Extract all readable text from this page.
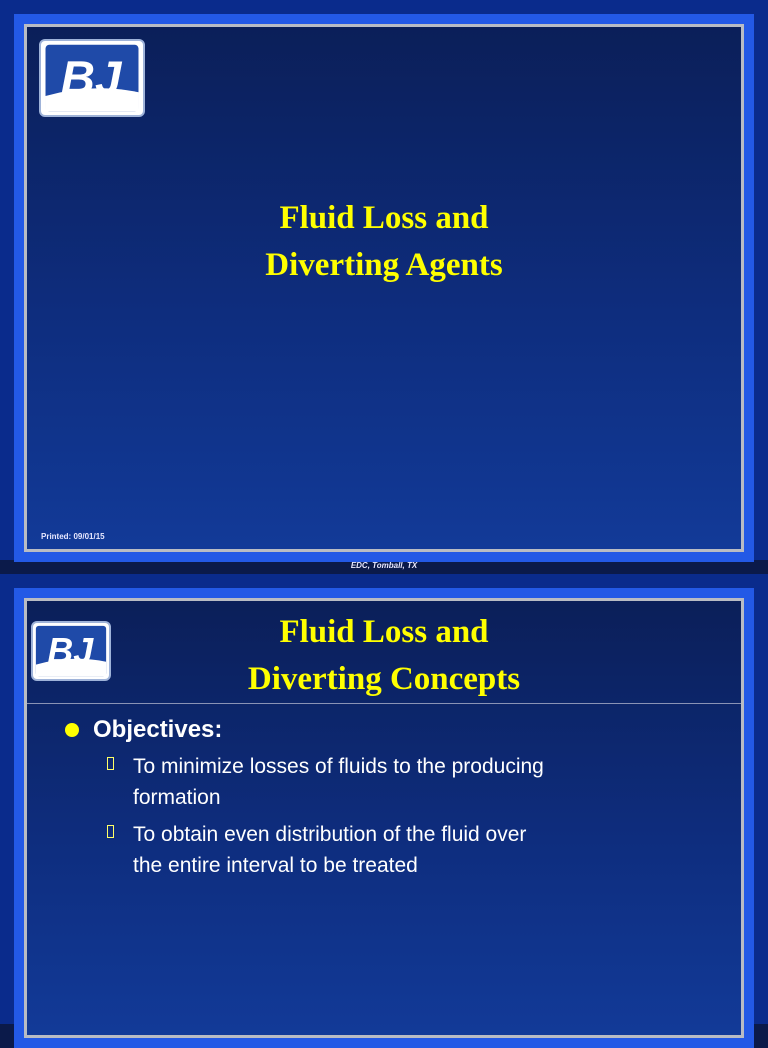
BJ
Fluid Loss and
Diverting Agents
Printed: 09/01/15
EDC, Tomball, TX
BJ	Fluid Loss and
Diverting Concepts
Objectives:
To minimize losses of fluids to the producing
formation
To obtain even distribution of the fluid over
the entire interval to be treated
